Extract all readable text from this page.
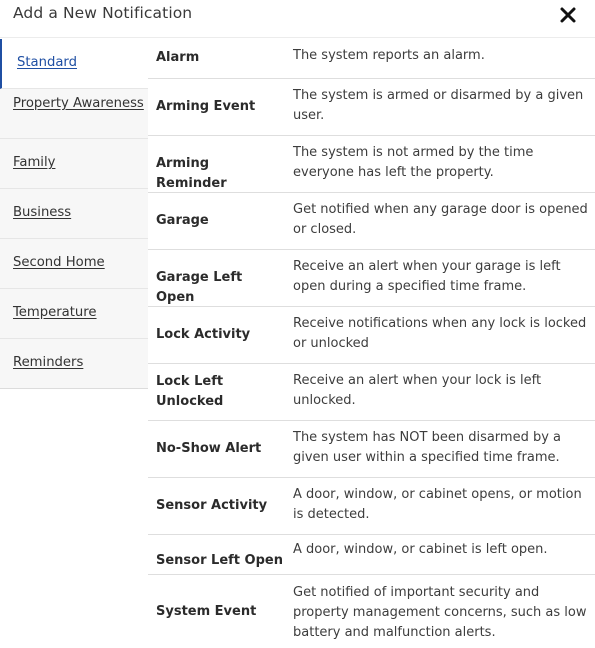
Add a New Notification
Standard
Property Awareness
Family
Business
Second Home
Temperature
Reminders
Alarm	The system reports an alarm.
Arming Event
The system is armed or disarmed by a given user.
Arming Reminder
The system is not armed by the time everyone has left the property.
Garage
Get notified when any garage door is opened or closed.
Garage Left Open
Receive an alert when your garage is left open during a specified time frame.
Lock Activity
Receive notifications when any lock is locked or unlocked
Lock Left Unlocked
Receive an alert when your lock is left unlocked.
No-Show Alert
The system has NOT been disarmed by a given user within a specified time frame.
Sensor Activity
A door, window, or cabinet opens, or motion is detected.
Sensor Left Open
A door, window, or cabinet is left open.
System Event
Get notified of important security and property management concerns, such as low battery and malfunction alerts.
